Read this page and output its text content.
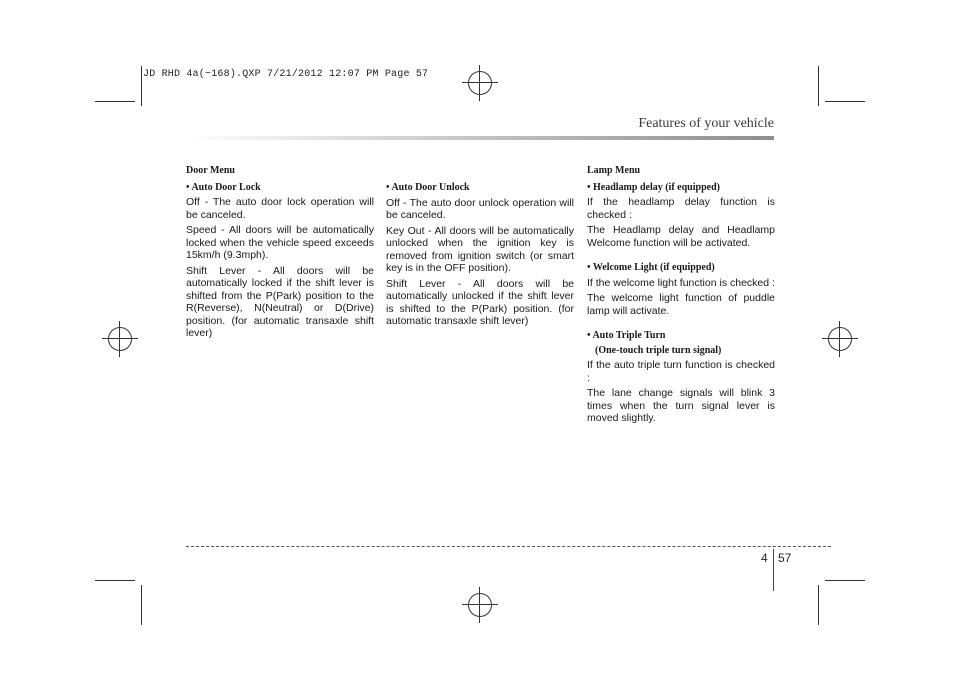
JD RHD 4a(~168).QXP 7/21/2012 12:07 PM Page 57
Features of your vehicle
Door Menu
• Auto Door Lock
Off - The auto door lock operation will be canceled.
Speed - All doors will be automatically locked when the vehicle speed exceeds 15km/h (9.3mph).
Shift Lever - All doors will be automatically locked if the shift lever is shifted from the P(Park) position to the R(Reverse), N(Neutral) or D(Drive) position. (for automatic transaxle shift lever)
• Auto Door Unlock
Off - The auto door unlock operation will be canceled.
Key Out - All doors will be automatically unlocked when the ignition key is removed from ignition switch (or smart key is in the OFF position).
Shift Lever - All doors will be automatically unlocked if the shift lever is shifted to the P(Park) position. (for automatic transaxle shift lever)
Lamp Menu
• Headlamp delay (if equipped)
If the headlamp delay function is checked :
The Headlamp delay and Headlamp Welcome function will be activated.
• Welcome Light (if equipped)
If the welcome light function is checked :
The welcome light function of puddle lamp will activate.
• Auto Triple Turn
(One-touch triple turn signal)
If the auto triple turn function is checked :
The lane change signals will blink 3 times when the turn signal lever is moved slightly.
4 57
